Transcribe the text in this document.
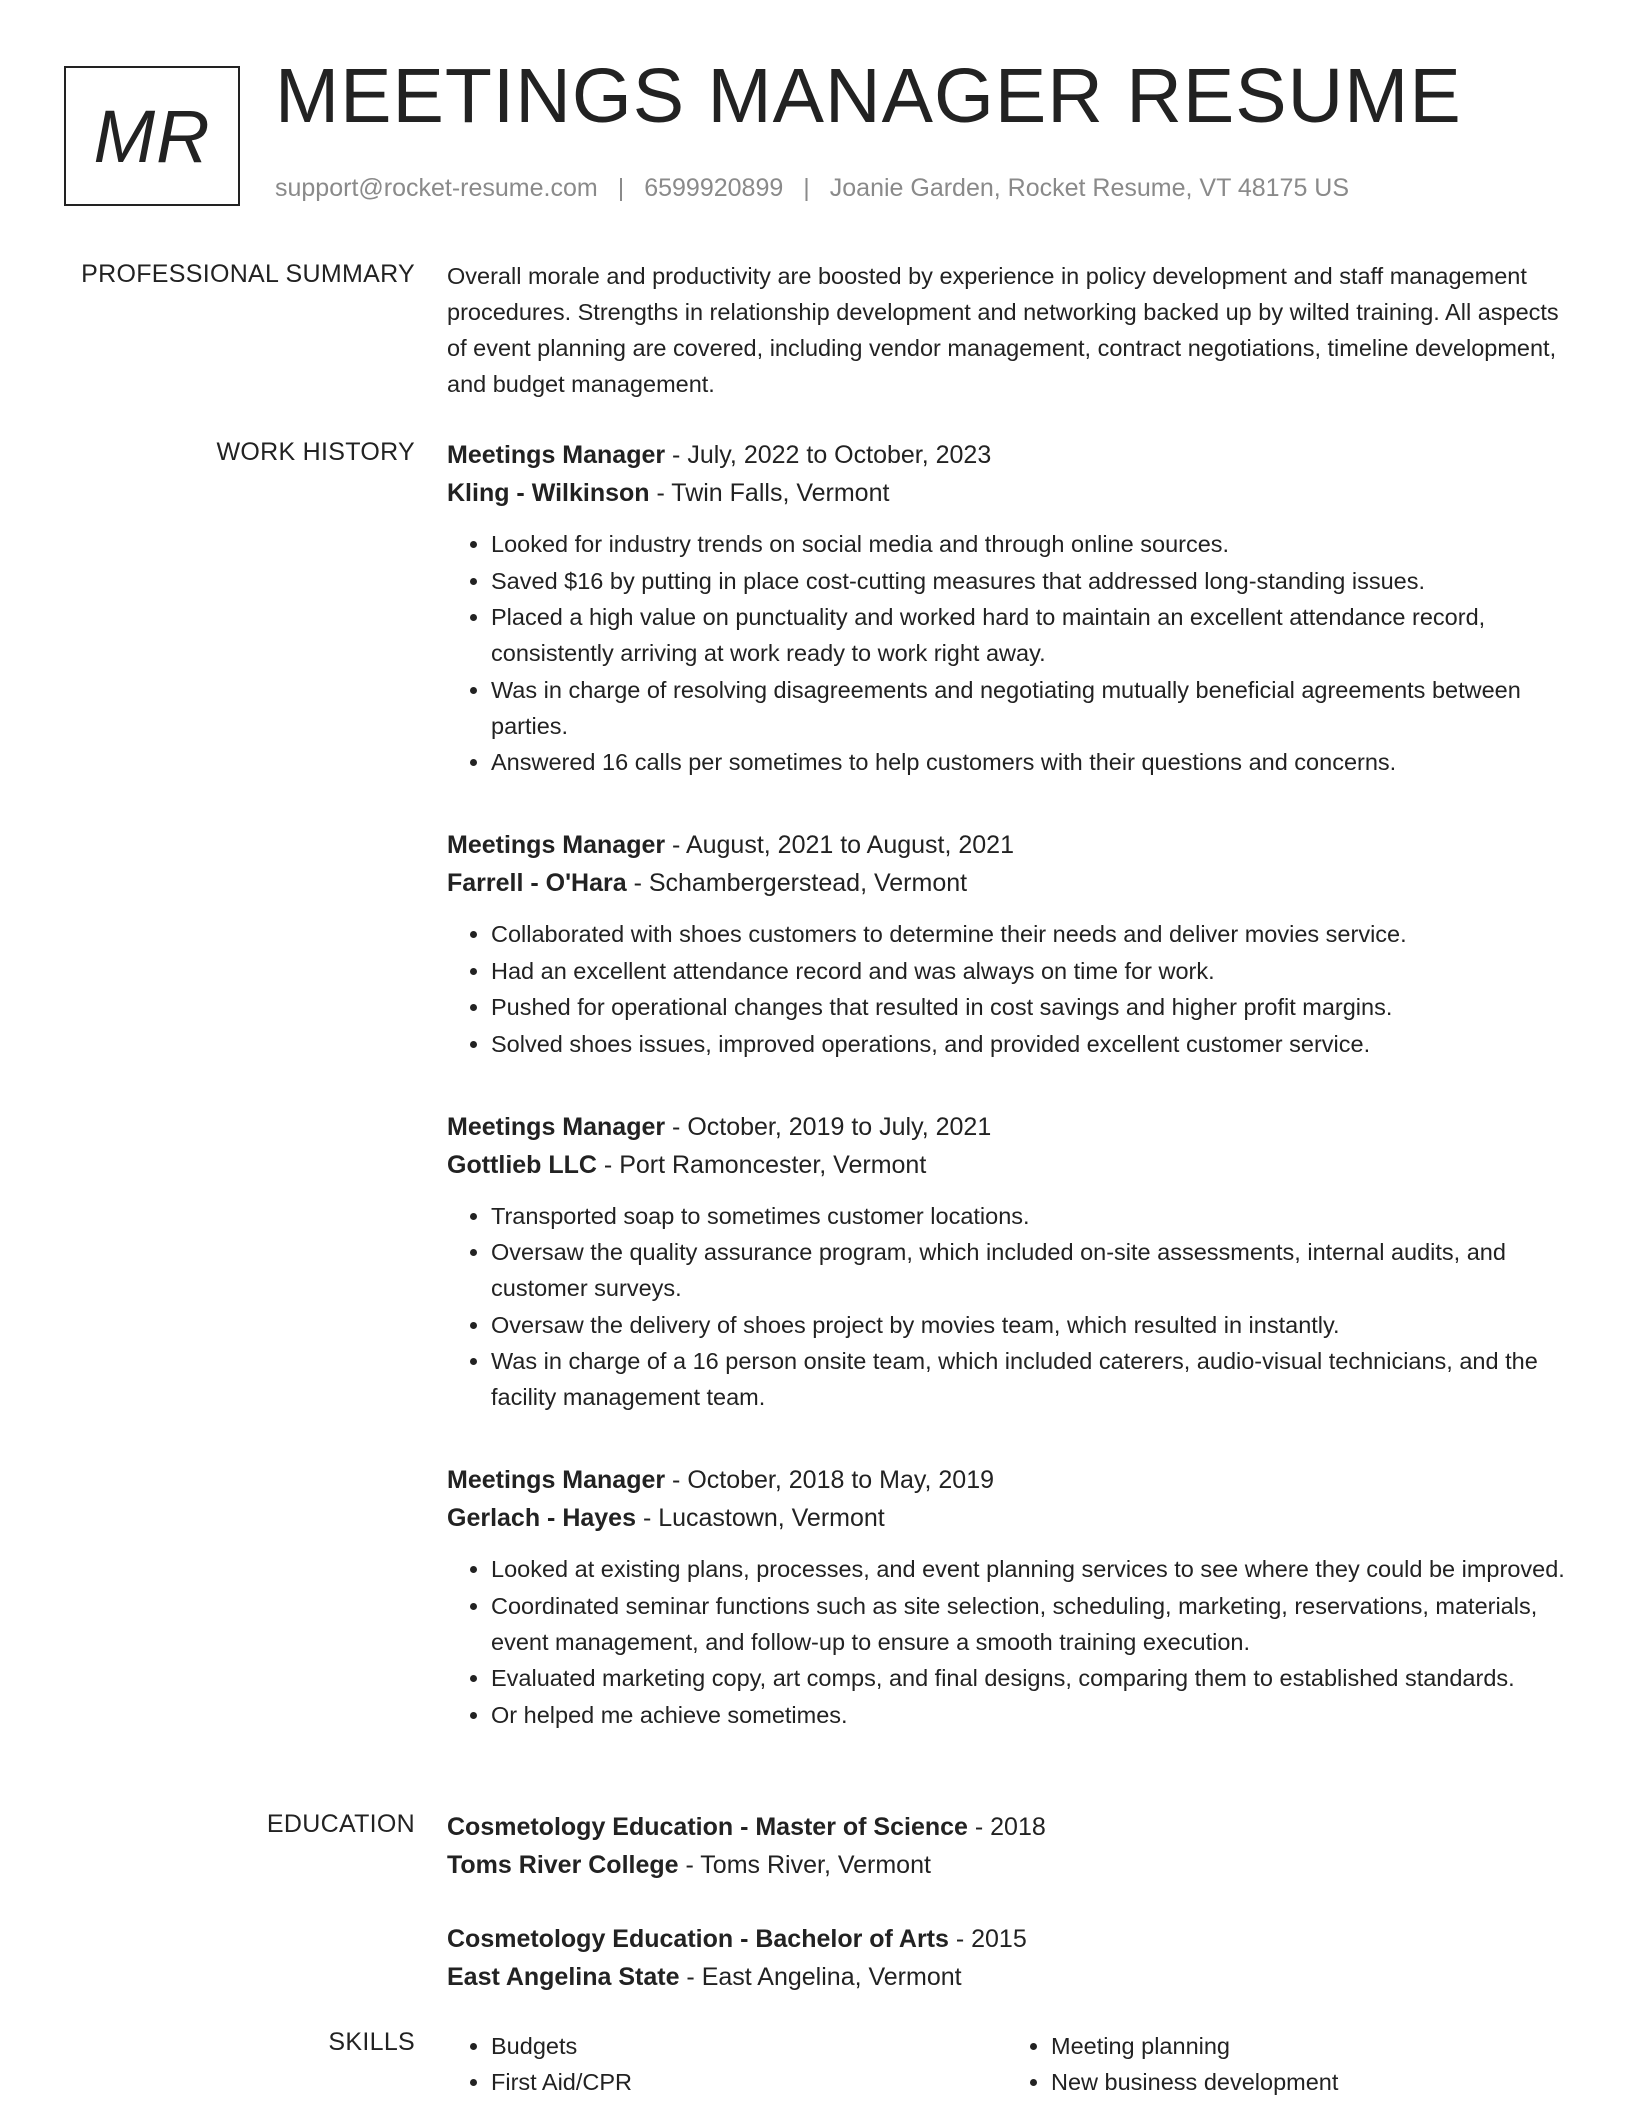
MR MEETINGS MANAGER RESUME
support@rocket-resume.com | 6599920899 | Joanie Garden, Rocket Resume, VT 48175 US
PROFESSIONAL SUMMARY Overall morale and productivity are boosted by experience in policy development and staff management procedures. Strengths in relationship development and networking backed up by wilted training. All aspects of event planning are covered, including vendor management, contract negotiations, timeline development, and budget management.

WORK HISTORY Meetings Manager - July, 2022 to October, 2023

Kling - Wilkinson - Twin Falls, Vermont

• Looked for industry trends on social media and through online sources.
• Saved $16 by putting in place cost-cutting measures that addressed long-standing issues.
• Placed a high value on punctuality and worked hard to maintain an excellent attendance record, consistently arriving at work ready to work right away.
• Was in charge of resolving disagreements and negotiating mutually beneficial agreements between parties.
• Answered 16 calls per sometimes to help customers with their questions and concerns.

Meetings Manager - August, 2021 to August, 2021

Farrell - O'Hara - Schambergerstead, Vermont

• Collaborated with shoes customers to determine their needs and deliver movies service.
• Had an excellent attendance record and was always on time for work.
• Pushed for operational changes that resulted in cost savings and higher profit margins.
• Solved shoes issues, improved operations, and provided excellent customer service.

Meetings Manager - October, 2019 to July, 2021

Gottlieb LLC - Port Ramoncester, Vermont

• Transported soap to sometimes customer locations.
• Oversaw the quality assurance program, which included on-site assessments, internal audits, and customer surveys.
• Oversaw the delivery of shoes project by movies team, which resulted in instantly.
• Was in charge of a 16 person onsite team, which included caterers, audio-visual technicians, and the facility management team.

Meetings Manager - October, 2018 to May, 2019

Gerlach - Hayes - Lucastown, Vermont

• Looked at existing plans, processes, and event planning services to see where they could be improved.
• Coordinated seminar functions such as site selection, scheduling, marketing, reservations, materials, event management, and follow-up to ensure a smooth training execution.
• Evaluated marketing copy, art comps, and final designs, comparing them to established standards.
• Or helped me achieve sometimes.
EDUCATION Cosmetology Education - Master of Science - 2018

Toms River College - Toms River, Vermont

Cosmetology Education - Bachelor of Arts - 2015

East Angelina State - East Angelina, Vermont

SKILLS
•	Budgets
• First Aid/CPR
• Meeting planning
• New business development
